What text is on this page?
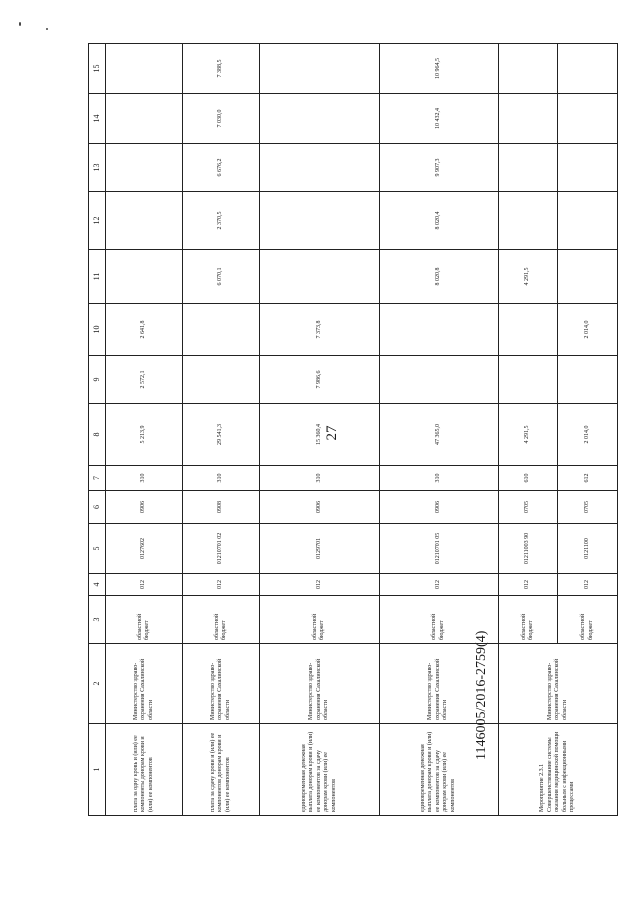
27
1146005/2016-2759(4)
1	2	3	4	5	6	7	8	9	10	11	12	13	14	15
плата за одну кровь и (или) ее компоненты донорам крови и (или) ее компонентов	Министерство здраво-охранения Сахалинской области	областной бюджет	012	0127602	0906	310	5 213,9	2 572,1	2 641,8					
плата за сдачу крови и (или) ее компонентов донорам крови и (или) ее компонентов	Министерство здраво-охранения Сахалинской области	областной бюджет	012	01210701 02	0908	310	29 541,3			6 070,1	2 370,5	6 676,2	7 030,0	7 388,5
единовременная денежная выплата донорам крови и (или) ее компонентов за сдачу донорам крови (или) ее компонентов	Министерство здраво-охранения Сахалинской области	областной бюджет	012	0129701	0906	310	15 360,4	7 986,6	7 373,8					
единовременная денежная выплата донорам крови и (или) ее компонентов за сдачу донорам крови (или) ее компонентов	Министерство здраво-охранения Сахалинской области	областной бюджет	012	01210701 05	0906	310	47 365,0			8 020,8	8 020,4	9 907,3	10 432,4	10 964,5
Мероприятие 2.3.1 Совершенствование системы оказания медицинской помощи больным с инфекционными процессами	Министерство здраво-охранения Сахалинской области	областной бюджет	012	01211003 90	0705	610	4 291,5			4 291,5				
		областной бюджет	012	0121100	0705	612	2 014,0		2 014,0					
